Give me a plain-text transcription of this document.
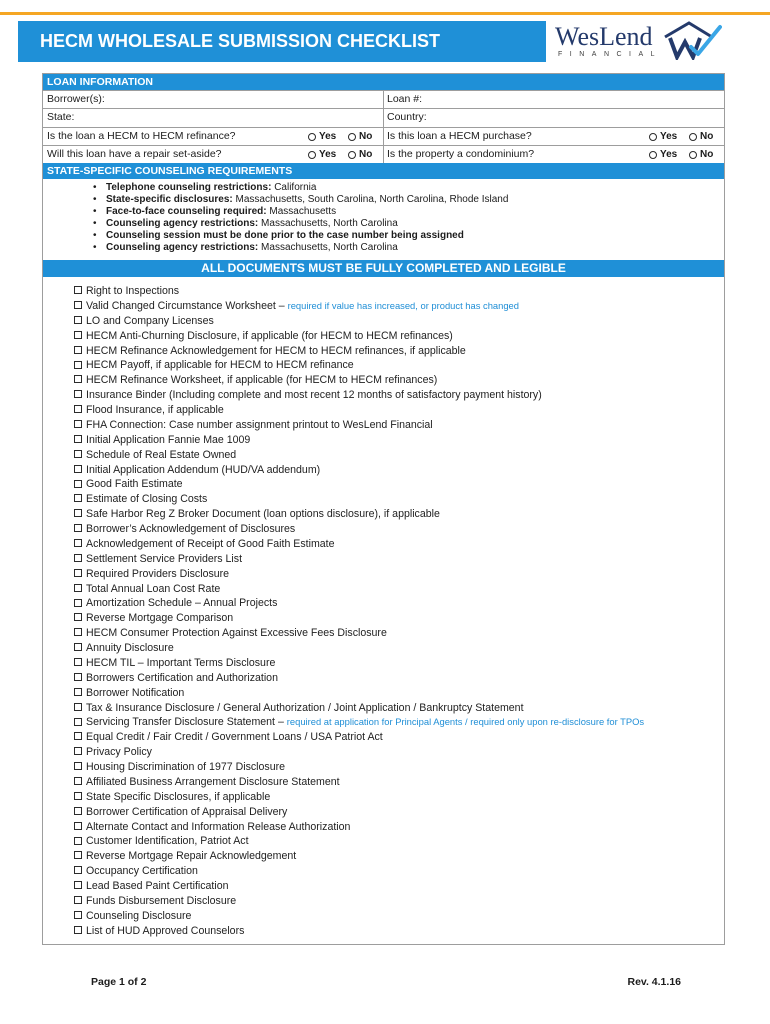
HECM WHOLESALE SUBMISSION CHECKLIST	WesLend
FINANCIAL
LOAN INFORMATION
Borrower(s):	Loan #:
State:	Country:
Is the loan a HECM to HECM refinance?	Yes No Is this loan a HECM purchase?	Yes No
Will this loan have a repair set-aside?	Yes No Is the property a condominium?	Yes No
STATE-SPECIFIC COUNSELING REQUIREMENTS
• Telephone counseling restrictions: California
• State-specific disclosures: Massachusetts, South Carolina, North Carolina, Rhode Island
• Face-to-face counseling required: Massachusetts
• Counseling agency restrictions: Massachusetts, North Carolina
• Counseling session must be done prior to the case number being assigned
• Counseling agency restrictions: Massachusetts, North Carolina
ALL DOCUMENTS MUST BE FULLY COMPLETED AND LEGIBLE
Right to Inspections
Valid Changed Circumstance Worksheet – required if value has increased, or product has changed
LO and Company Licenses
HECM Anti-Churning Disclosure, if applicable (for HECM to HECM refinances)
HECM Refinance Acknowledgement for HECM to HECM refinances, if applicable
HECM Payoff, if applicable for HECM to HECM refinance
HECM Refinance Worksheet, if applicable (for HECM to HECM refinances)
Insurance Binder (Including complete and most recent 12 months of satisfactory payment history)
Flood Insurance, if applicable
FHA Connection: Case number assignment printout to WesLend Financial
Initial Application Fannie Mae 1009
Schedule of Real Estate Owned
Initial Application Addendum (HUD/VA addendum)
Good Faith Estimate
Estimate of Closing Costs
Safe Harbor Reg Z Broker Document (loan options disclosure), if applicable
Borrower’s Acknowledgement of Disclosures
Acknowledgement of Receipt of Good Faith Estimate
Settlement Service Providers List
Required Providers Disclosure
Total Annual Loan Cost Rate
Amortization Schedule – Annual Projects
Reverse Mortgage Comparison
HECM Consumer Protection Against Excessive Fees Disclosure
Annuity Disclosure
HECM TIL – Important Terms Disclosure
Borrowers Certification and Authorization
Borrower Notification
Tax & Insurance Disclosure / General Authorization / Joint Application / Bankruptcy Statement
Servicing Transfer Disclosure Statement – required at application for Principal Agents / required only upon re-disclosure for TPOs
Equal Credit / Fair Credit / Government Loans / USA Patriot Act
Privacy Policy
Housing Discrimination of 1977 Disclosure
Affiliated Business Arrangement Disclosure Statement
State Specific Disclosures, if applicable
Borrower Certification of Appraisal Delivery
Alternate Contact and Information Release Authorization
Customer Identification, Patriot Act
Reverse Mortgage Repair Acknowledgement
Occupancy Certification
Lead Based Paint Certification
Funds Disbursement Disclosure
Counseling Disclosure
List of HUD Approved Counselors
Page 1 of 2	Rev. 4.1.16
